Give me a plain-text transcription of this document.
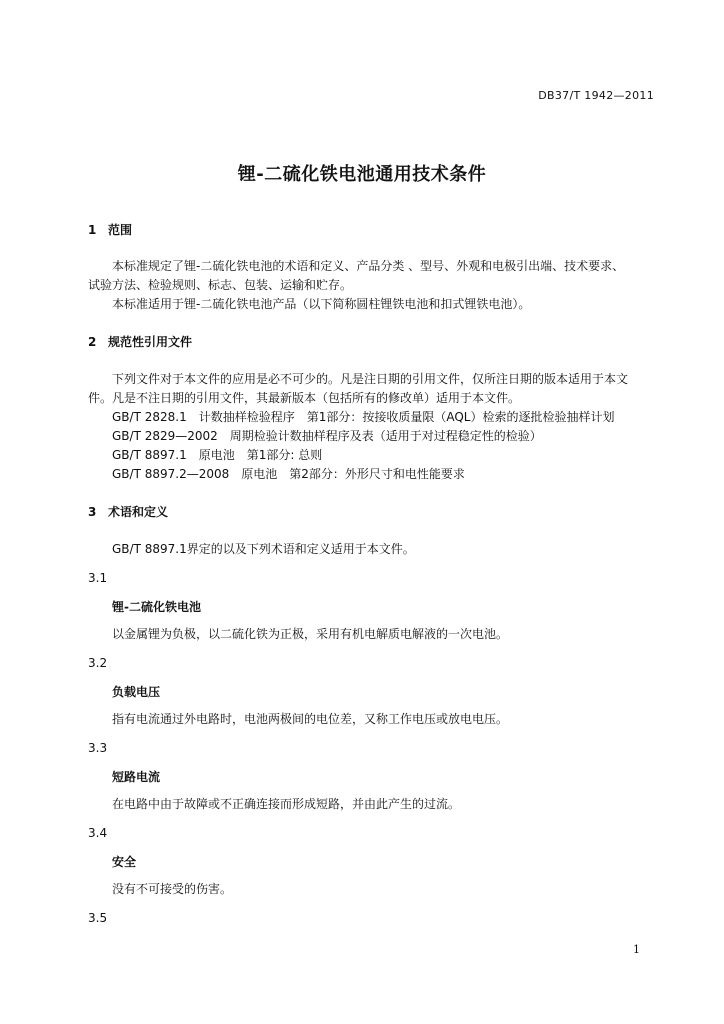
DB37/T 1942—2011
锂-二硫化铁电池通用技术条件
1 范围
本标准规定了锂-二硫化铁电池的术语和定义、产品分类 、型号、外观和电极引出端、技术要求、
试验方法、检验规则、标志、包装、运输和贮存。
本标准适用于锂-二硫化铁电池产品（以下简称圆柱锂铁电池和扣式锂铁电池）。
2 规范性引用文件
下列文件对于本文件的应用是必不可少的。凡是注日期的引用文件，仅所注日期的版本适用于本文
件。凡是不注日期的引用文件，其最新版本（包括所有的修改单）适用于本文件。
GB/T 2828.1　计数抽样检验程序　第1部分：按接收质量限（AQL）检索的逐批检验抽样计划
GB/T 2829—2002　周期检验计数抽样程序及表（适用于对过程稳定性的检验）
GB/T 8897.1　原电池　第1部分: 总则
GB/T 8897.2—2008　原电池　第2部分：外形尺寸和电性能要求
3 术语和定义
GB/T 8897.1界定的以及下列术语和定义适用于本文件。
3.1
锂-二硫化铁电池
以金属锂为负极，以二硫化铁为正极，采用有机电解质电解液的一次电池。
3.2
负载电压
指有电流通过外电路时，电池两极间的电位差，又称工作电压或放电电压。
3.3
短路电流
在电路中由于故障或不正确连接而形成短路，并由此产生的过流。
3.4
安全
没有不可接受的伤害。
3.5
1
